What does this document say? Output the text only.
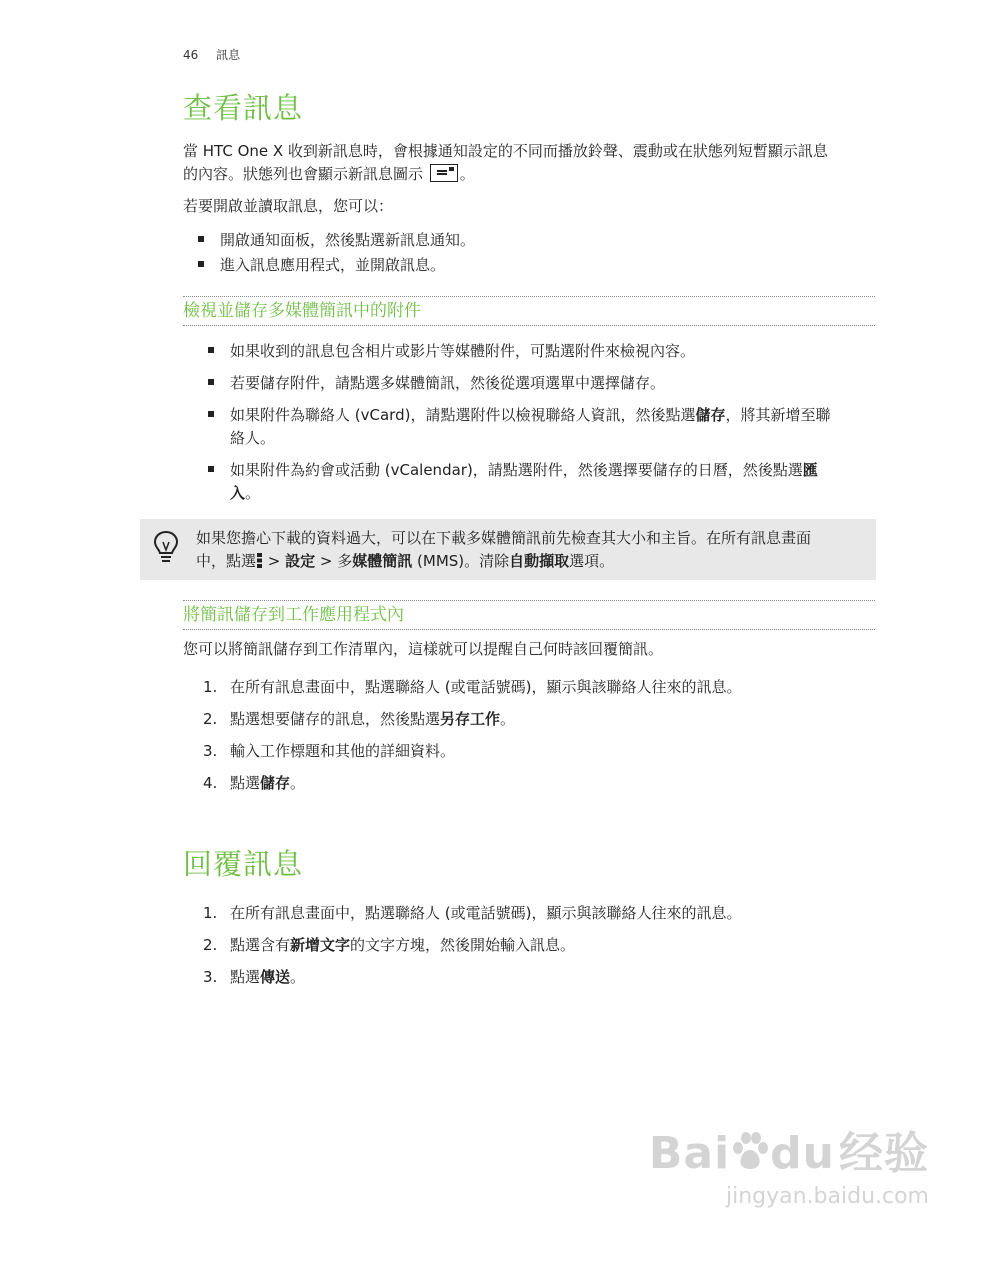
46 訊息
查看訊息
當 HTC One X 收到新訊息時，會根據通知設定的不同而播放鈴聲、震動或在狀態列短暫顯示訊息
的內容。狀態列也會顯示新訊息圖示 。
若要開啟並讀取訊息，您可以：
開啟通知面板，然後點選新訊息通知。
進入訊息應用程式，並開啟訊息。
檢視並儲存多媒體簡訊中的附件
如果收到的訊息包含相片或影片等媒體附件，可點選附件來檢視內容。
若要儲存附件，請點選多媒體簡訊，然後從選項選單中選擇儲存。
如果附件為聯絡人 (vCard)，請點選附件以檢視聯絡人資訊，然後點選儲存，將其新增至聯
絡人。
如果附件為約會或活動 (vCalendar)，請點選附件，然後選擇要儲存的日曆，然後點選匯
入。
如果您擔心下載的資料過大，可以在下載多媒體簡訊前先檢查其大小和主旨。在所有訊息畫面
中，點選 > 設定 > 多媒體簡訊 (MMS)。清除自動擷取選項。
將簡訊儲存到工作應用程式內
您可以將簡訊儲存到工作清單內，這樣就可以提醒自己何時該回覆簡訊。
1. 在所有訊息畫面中，點選聯絡人 (或電話號碼)，顯示與該聯絡人往來的訊息。
2. 點選想要儲存的訊息，然後點選另存工作。
3. 輸入工作標題和其他的詳細資料。
4. 點選儲存。
回覆訊息
1. 在所有訊息畫面中，點選聯絡人 (或電話號碼)，顯示與該聯絡人往來的訊息。
2. 點選含有新增文字的文字方塊，然後開始輸入訊息。
3. 點選傳送。
Bai du经验
jingyan.baidu.com
